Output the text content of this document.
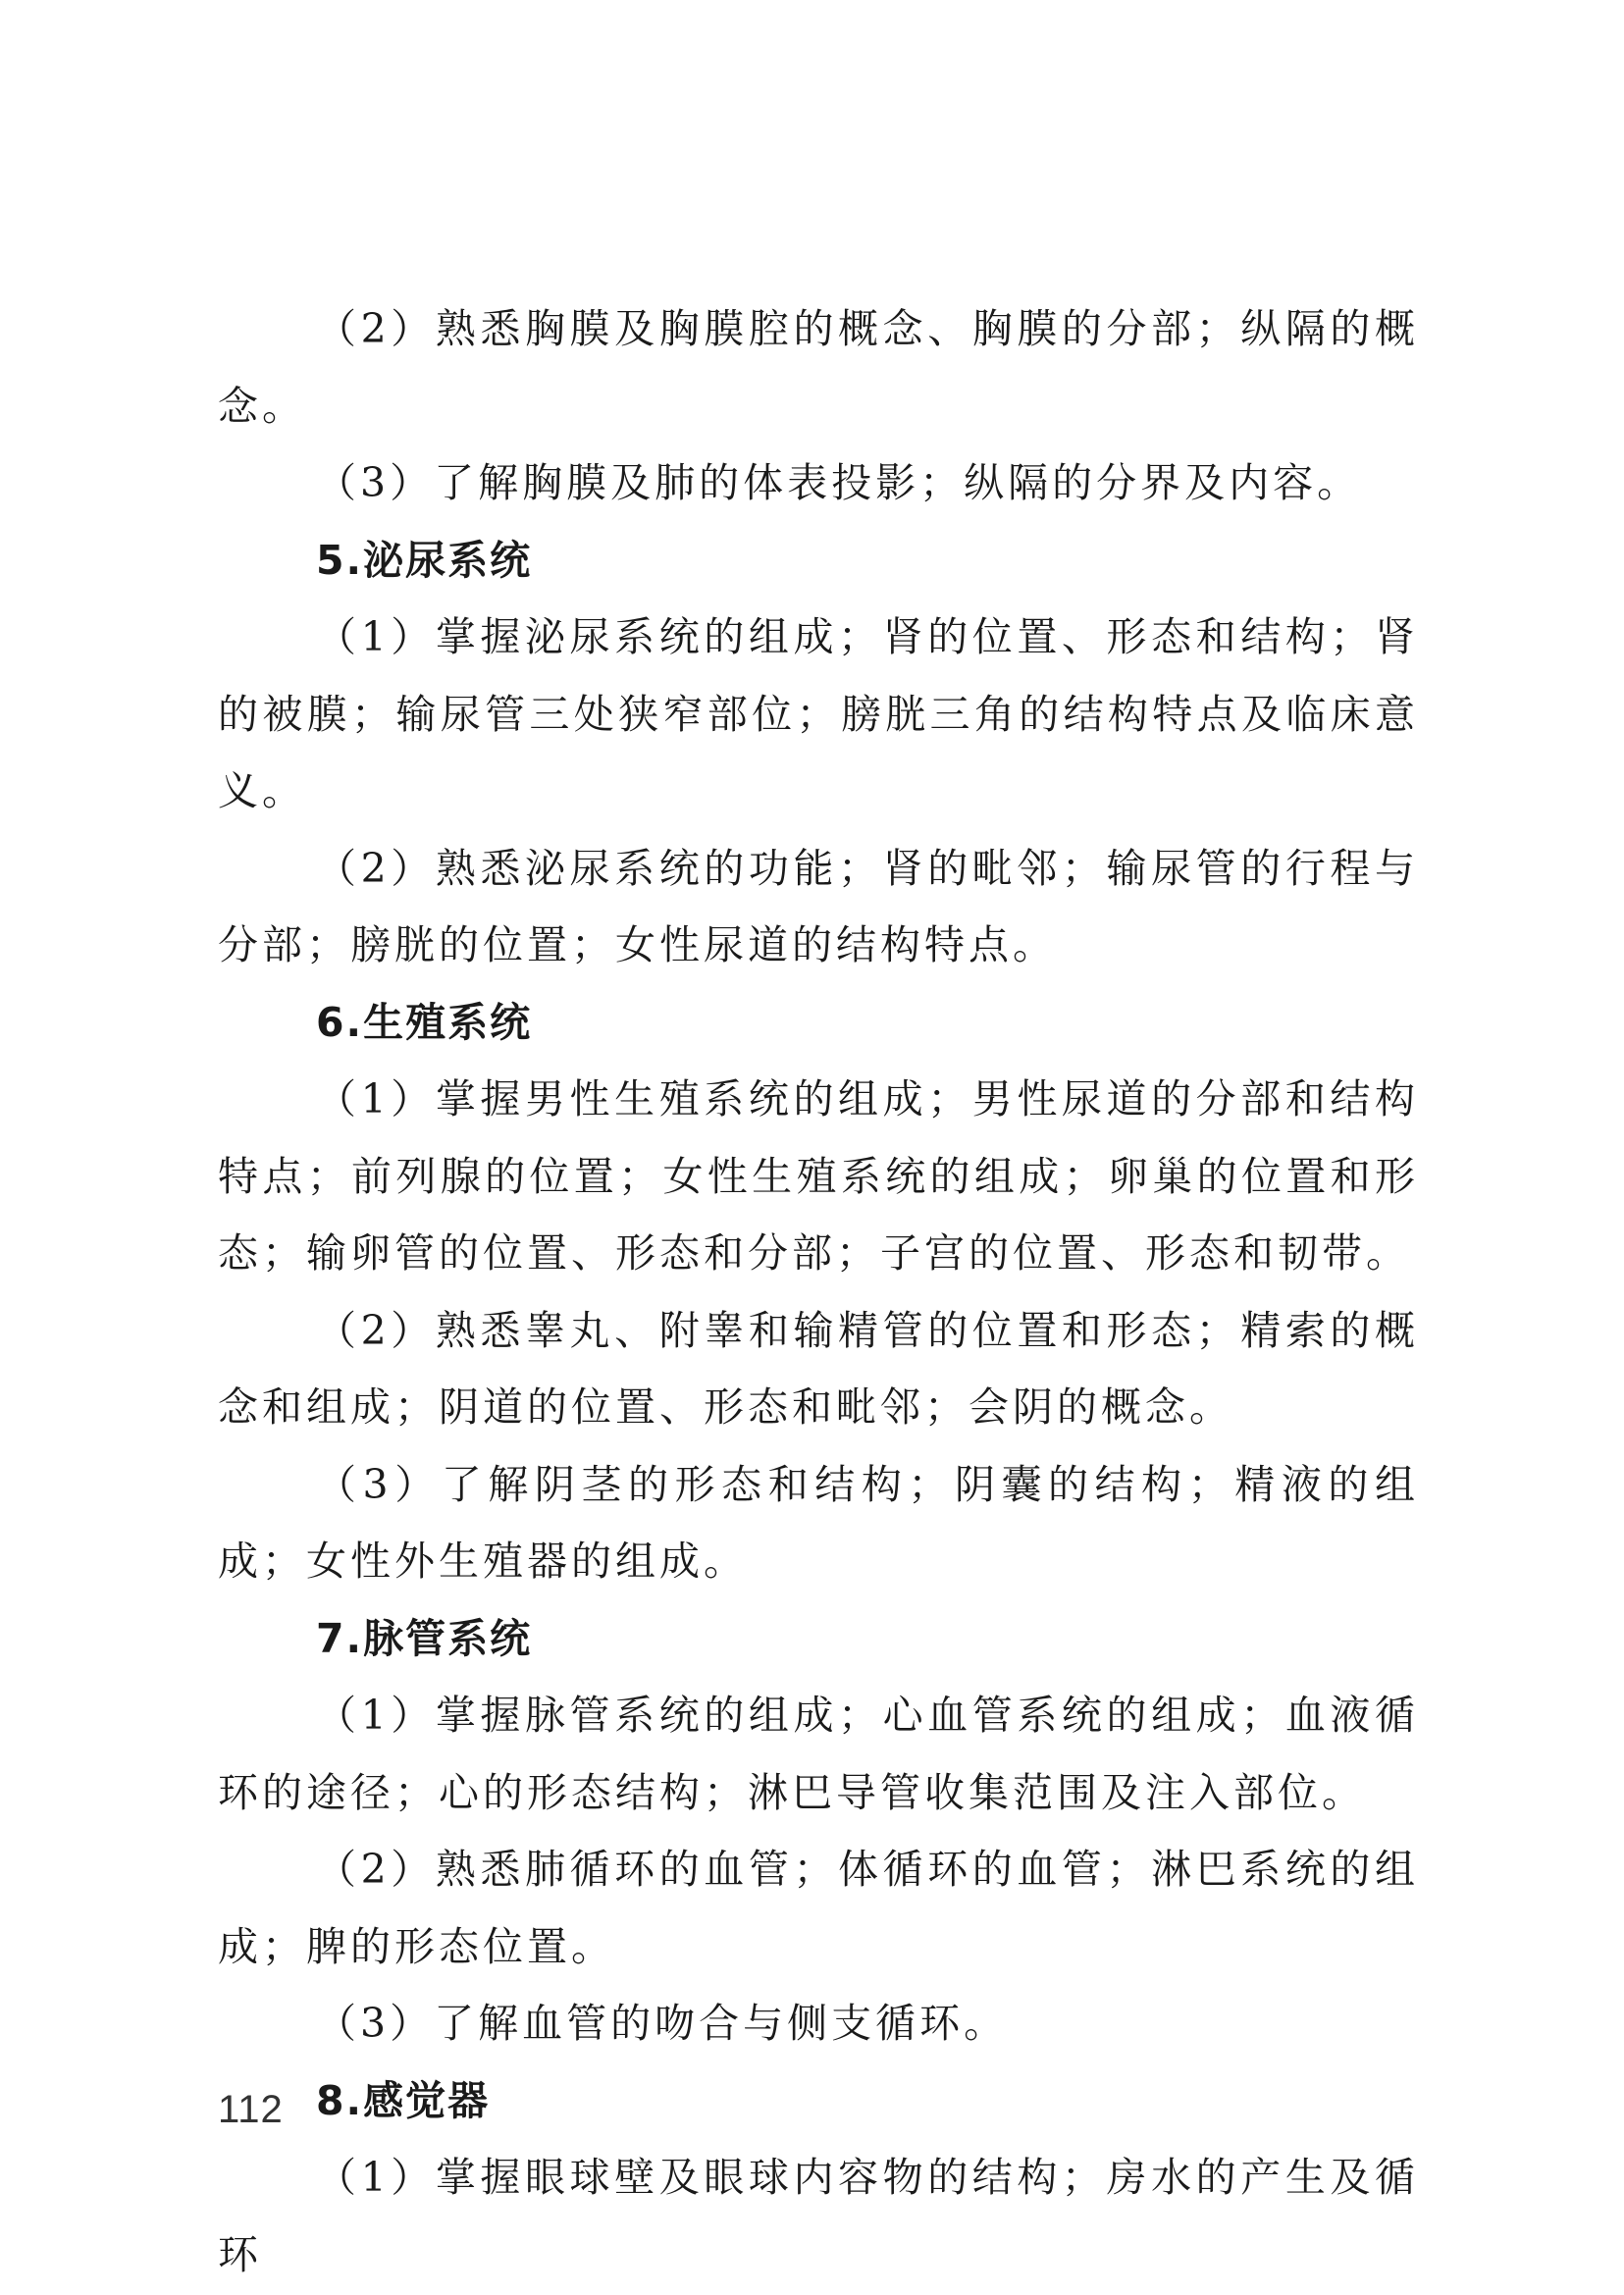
（2）熟悉胸膜及胸膜腔的概念、胸膜的分部；纵隔的概念。

（3）了解胸膜及肺的体表投影；纵隔的分界及内容。

5.泌尿系统

（1）掌握泌尿系统的组成；肾的位置、形态和结构；肾的被膜；输尿管三处狭窄部位；膀胱三角的结构特点及临床意义。

（2）熟悉泌尿系统的功能；肾的毗邻；输尿管的行程与分部；膀胱的位置；女性尿道的结构特点。

6.生殖系统

（1）掌握男性生殖系统的组成；男性尿道的分部和结构特点；前列腺的位置；女性生殖系统的组成；卵巢的位置和形态；输卵管的位置、形态和分部；子宫的位置、形态和韧带。

（2）熟悉睾丸、附睾和输精管的位置和形态；精索的概念和组成；阴道的位置、形态和毗邻；会阴的概念。

（3）了解阴茎的形态和结构；阴囊的结构；精液的组成；女性外生殖器的组成。

7.脉管系统

（1）掌握脉管系统的组成；心血管系统的组成；血液循环的途径；心的形态结构；淋巴导管收集范围及注入部位。

（2）熟悉肺循环的血管；体循环的血管；淋巴系统的组成；脾的形态位置。

（3）了解血管的吻合与侧支循环。

8.感觉器

（1）掌握眼球壁及眼球内容物的结构；房水的产生及循环

112
